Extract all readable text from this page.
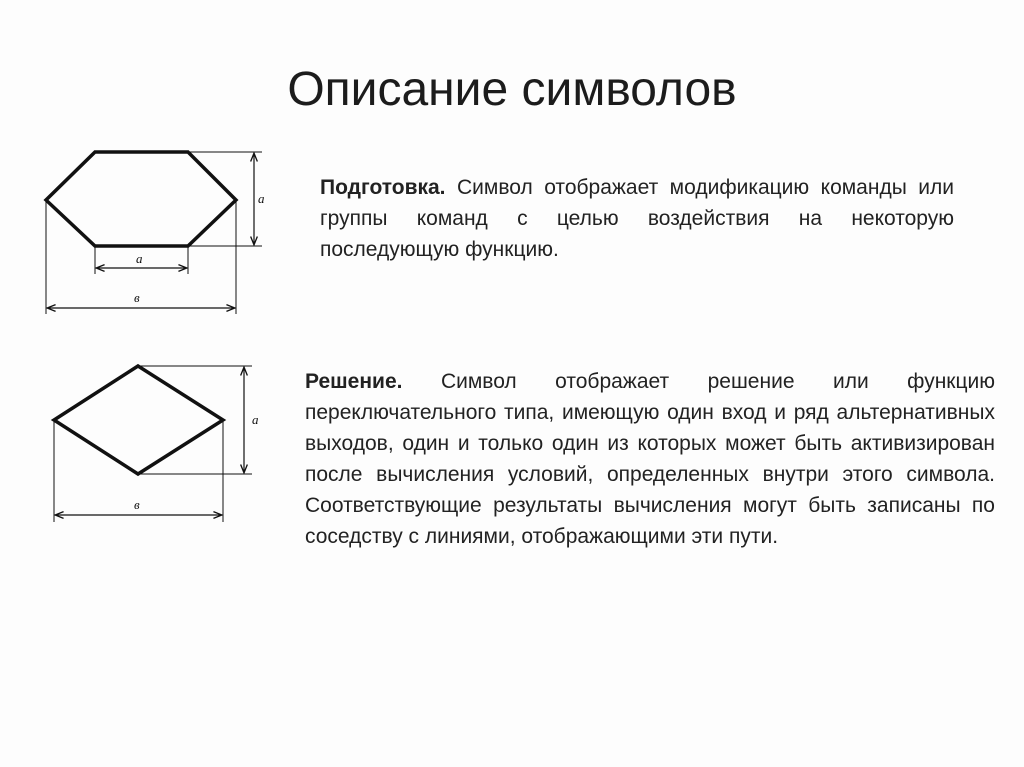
Описание символов
a
a
в
a
в
Подготовка. Символ отображает модификацию команды или группы команд с целью воздействия на некоторую последующую функцию.
Решение. Символ отображает решение или функцию переключательного типа, имеющую один вход и ряд альтернативных выходов, один и только один из которых может быть активизирован после вычисления условий, определенных внутри этого символа. Соответствующие результаты вычисления могут быть записаны по соседству с линиями, отображающими эти пути.
